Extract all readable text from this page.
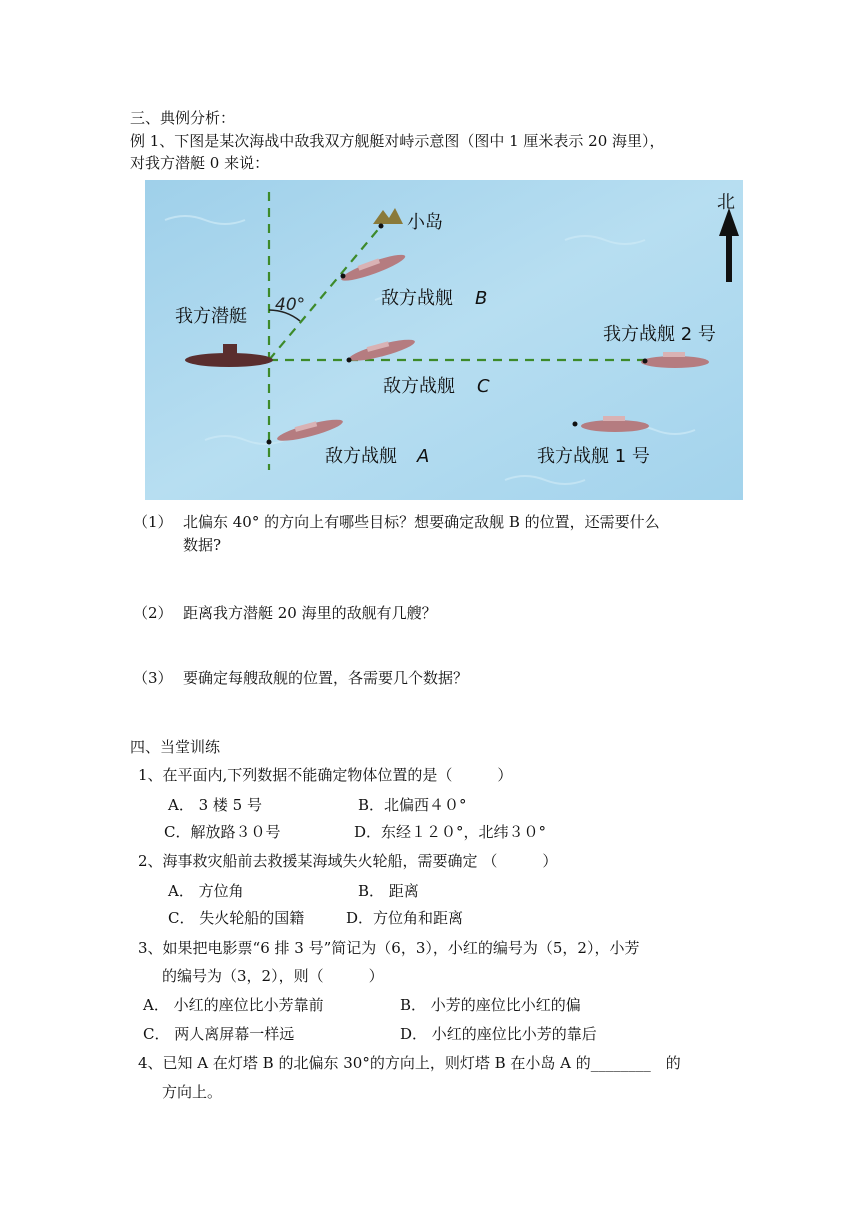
三、典例分析：
例 1、下图是某次海战中敌我双方舰艇对峙示意图（图中 1 厘米表示 20 海里），
对我方潜艇 0 来说：
40°
北
小岛
敌方战舰 B
我方潜艇
敌方战舰 C
我方战舰 2 号
敌方战舰 A	我方战舰 1 号
（1） 北偏东 40° 的方向上有哪些目标？想要确定敌舰 B 的位置，还需要什么
数据?
（2） 距离我方潜艇 20 海里的敌舰有几艘？
（3） 要确定每艘敌舰的位置，各需要几个数据？
四、当堂训练
1、在平面内,下列数据不能确定物体位置的是（　　　）
A． 3 楼 5 号	B．北偏西４０°
C．解放路３０号	D．东经１２０°，北纬３０°
2、海事救灾船前去救援某海域失火轮船，需要确定 （　　　）
A． 方位角	B． 距离
C． 失火轮船的国籍	D．方位角和距离
3、如果把电影票“6 排 3 号”简记为（6，3），小红的编号为（5，2），小芳
的编号为（3，2），则（　　　）
A． 小红的座位比小芳靠前	B． 小芳的座位比小红的偏
C． 两人离屏幕一样远	D． 小红的座位比小芳的靠后
4、已知 A 在灯塔 B 的北偏东 30°的方向上，则灯塔 B 在小岛 A 的________　的
方向上。
